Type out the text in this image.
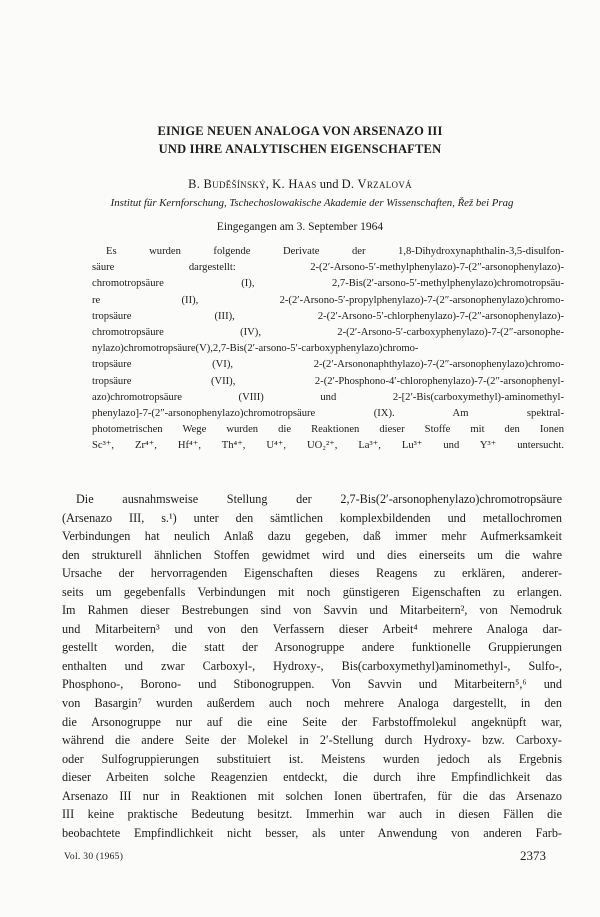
EINIGE NEUEN ANALOGA VON ARSENAZO III
UND IHRE ANALYTISCHEN EIGENSCHAFTEN
B. Buděšínský, K. Haas und D. Vrzalová
Institut für Kernforschung, Tschechoslowakische Akademie der Wissenschaften, Řež bei Prag
Eingegangen am 3. September 1964
Es wurden folgende Derivate der 1,8-Dihydroxynaphthalin-3,5-disulfon-
säure dargestellt: 2-(2′-Arsono-5′-methylphenylazo)-7-(2″-arsonophenylazo)-
chromotropsäure (I), 2,7-Bis(2′-arsono-5′-methylphenylazo)chromotropsäu-
re (II), 2-(2′-Arsono-5′-propylphenylazo)-7-(2″-arsonophenylazo)chromo-
tropsäure (III), 2-(2′-Arsono-5′-chlorphenylazo)-7-(2″-arsonophenylazo)-
chromotropsäure (IV), 2-(2′-Arsono-5′-carboxyphenylazo)-7-(2″-arsonophe-
nylazo)chromotropsäure(V),2,7-Bis(2′-arsono-5′-carboxyphenylazo)chromo-
tropsäure (VI), 2-(2′-Arsononaphthylazo)-7-(2″-arsonophenylazo)chromo-
tropsäure (VII), 2-(2′-Phosphono-4′-chlorophenylazo)-7-(2″-arsonophenyl-
azo)chromotropsäure (VIII) und 2-[2′-Bis(carboxymethyl)-aminomethyl-
phenylazo]-7-(2″-arsonophenylazo)chromotropsäure (IX). Am spektral-
photometrischen Wege wurden die Reaktionen dieser Stoffe mit den Ionen
Sc³⁺, Zr⁴⁺, Hf⁴⁺, Th⁴⁺, U⁴⁺, UO₂²⁺, La³⁺, Lu³⁺ und Y³⁺ untersucht.
Die ausnahmsweise Stellung der 2,7-Bis(2′-arsonophenylazo)chromotropsäure
(Arsenazo III, s.¹) unter den sämtlichen komplexbildenden und metallochromen
Verbindungen hat neulich Anlaß dazu gegeben, daß immer mehr Aufmerksamkeit
den strukturell ähnlichen Stoffen gewidmet wird und dies einerseits um die wahre
Ursache der hervorragenden Eigenschaften dieses Reagens zu erklären, anderer-
seits um gegebenfalls Verbindungen mit noch günstigeren Eigenschaften zu erlangen.
Im Rahmen dieser Bestrebungen sind von Savvin und Mitarbeitern², von Nemodruk
und Mitarbeitern³ und von den Verfassern dieser Arbeit⁴ mehrere Analoga dar-
gestellt worden, die statt der Arsonogruppe andere funktionelle Gruppierungen
enthalten und zwar Carboxyl-, Hydroxy-, Bis(carboxymethyl)aminomethyl-, Sulfo-,
Phosphono-, Borono- und Stibonogruppen. Von Savvin und Mitarbeitern⁵,⁶ und
von Basargin⁷ wurden außerdem auch noch mehrere Analoga dargestellt, in den
die Arsonogruppe nur auf die eine Seite der Farbstoffmolekul angeknüpft war,
während die andere Seite der Molekel in 2′-Stellung durch Hydroxy- bzw. Carboxy-
oder Sulfogruppierungen substituiert ist. Meistens wurden jedoch als Ergebnis
dieser Arbeiten solche Reagenzien entdeckt, die durch ihre Empfindlichkeit das
Arsenazo III nur in Reaktionen mit solchen Ionen übertrafen, für die das Arsenazo
III keine praktische Bedeutung besitzt. Immerhin war auch in diesen Fällen die
beobachtete Empfindlichkeit nicht besser, als unter Anwendung von anderen Farb-
Vol. 30 (1965)	2373
